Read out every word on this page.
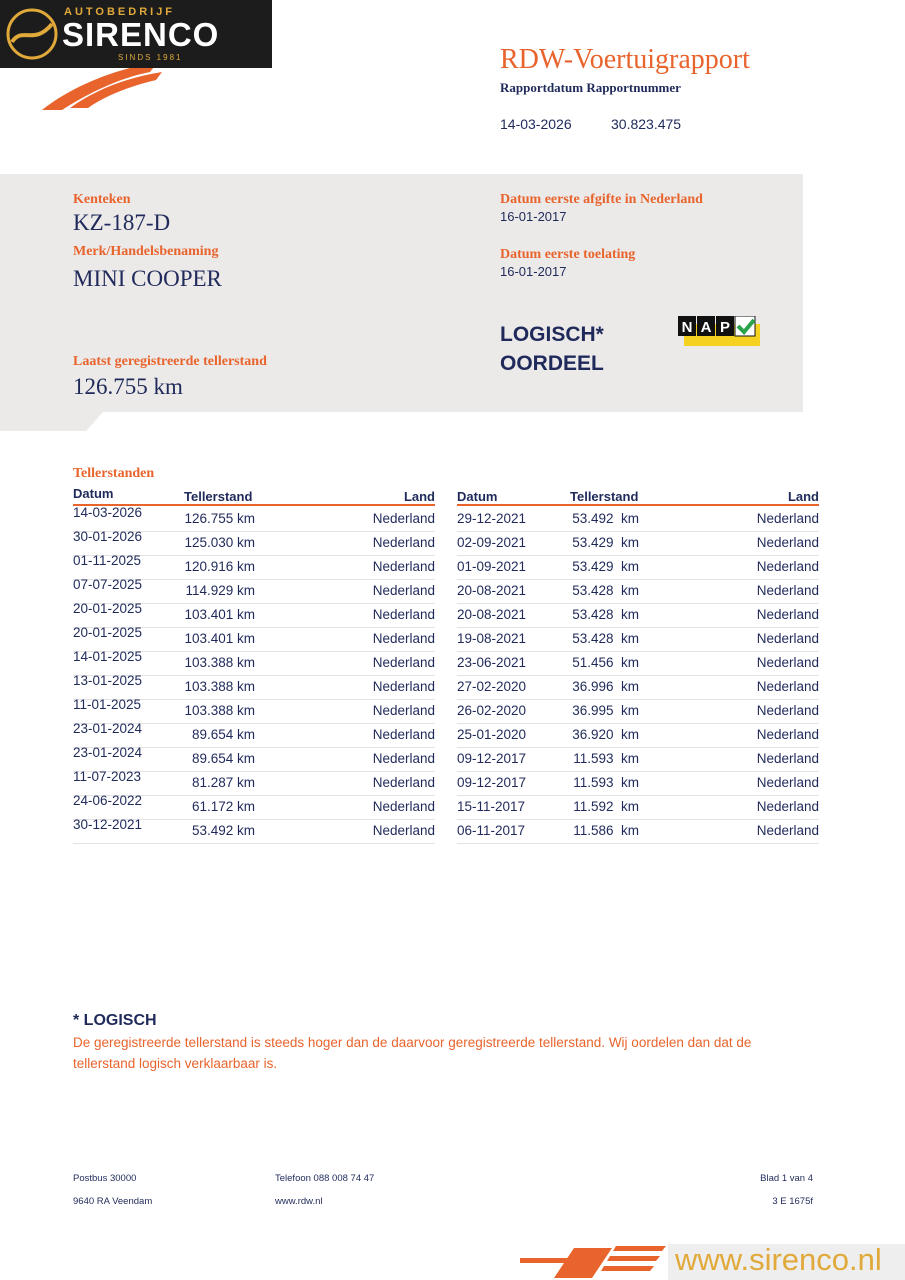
AUTOBEDRIJF
SIRENCO
SINDS 1981	RDW-Voertuigrapport
Rapportdatum Rapportnummer
14-03-2026	30.823.475
Kenteken
KZ-187-D
Merk/Handelsbenaming
MINI COOPER
Laatst geregistreerde tellerstand
126.755 km
Datum eerste afgifte in Nederland
16-01-2017
Datum eerste toelating
16-01-2017
LOGISCH*
OORDEEL
N A P
Tellerstanden
Datum	Tellerstand	Land Datum	Tellerstand	Land
14-03-2026	126.755 km	Nederland
30-01-2026	125.030 km	Nederland
01-11-2025	120.916 km	Nederland
07-07-2025	114.929 km	Nederland
20-01-2025	103.401 km	Nederland
20-01-2025	103.401 km	Nederland
14-01-2025	103.388 km	Nederland
13-01-2025	103.388 km	Nederland
11-01-2025	103.388 km	Nederland
23-01-2024	89.654 km	Nederland
23-01-2024	89.654 km	Nederland
11-07-2023	81.287 km	Nederland
24-06-2022	61.172 km	Nederland
30-12-2021	53.492 km	Nederland
29-12-2021	53.492  km	Nederland
02-09-2021	53.429  km	Nederland
01-09-2021	53.429  km	Nederland
20-08-2021	53.428  km	Nederland
20-08-2021	53.428  km	Nederland
19-08-2021	53.428  km	Nederland
23-06-2021	51.456  km	Nederland
27-02-2020	36.996  km	Nederland
26-02-2020	36.995  km	Nederland
25-01-2020	36.920  km	Nederland
09-12-2017	11.593  km	Nederland
09-12-2017	11.593  km	Nederland
15-11-2017	11.592  km	Nederland
06-11-2017	11.586  km	Nederland
* LOGISCH
De geregistreerde tellerstand is steeds hoger dan de daarvoor geregistreerde tellerstand. Wij oordelen dan dat de tellerstand logisch verklaarbaar is.
Postbus 30000
9640 RA Veendam
Telefoon 088 008 74 47
www.rdw.nl
Blad 1 van 4
3 E 1675f
www.sirenco.nl
